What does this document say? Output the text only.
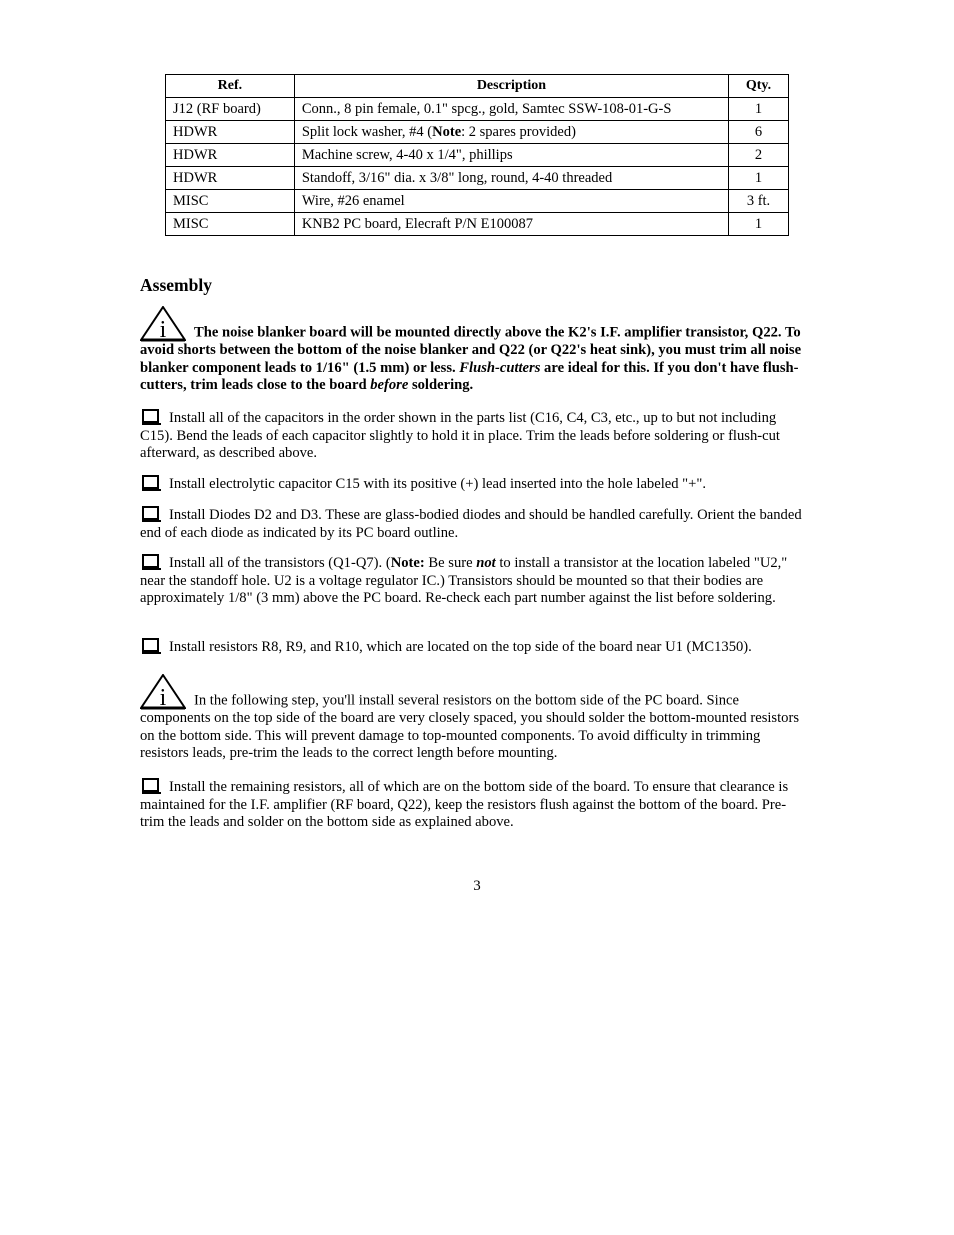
Ref.	Description	Qty.
J12 (RF board)	Conn., 8 pin female, 0.1" spcg., gold, Samtec SSW-108-01-G-S	1
HDWR	Split lock washer, #4 (Note: 2 spares provided)	6
HDWR	Machine screw, 4-40 x 1/4", phillips	2
HDWR	Standoff, 3/16" dia. x 3/8" long, round, 4-40 threaded	1
MISC	Wire, #26 enamel	3 ft.
MISC	KNB2 PC board, Elecraft P/N E100087	1
Assembly
i The noise blanker board will be mounted directly above the K2's I.F. amplifier transistor, Q22. To avoid shorts between the bottom of the noise blanker and Q22 (or Q22's heat sink), you must trim all noise blanker component leads to 1/16" (1.5 mm) or less. Flush-cutters are ideal for this. If you don't have flush-cutters, trim leads close to the board before soldering.
Install all of the capacitors in the order shown in the parts list (C16, C4, C3, etc., up to but not including C15). Bend the leads of each capacitor slightly to hold it in place. Trim the leads before soldering or flush-cut afterward, as described above.
Install electrolytic capacitor C15 with its positive (+) lead inserted into the hole labeled "+".
Install Diodes D2 and D3. These are glass-bodied diodes and should be handled carefully. Orient the banded end of each diode as indicated by its PC board outline.
Install all of the transistors (Q1-Q7). (Note: Be sure not to install a transistor at the location labeled "U2," near the standoff hole. U2 is a voltage regulator IC.) Transistors should be mounted so that their bodies are approximately 1/8" (3 mm) above the PC board. Re-check each part number against the list before soldering.
Install resistors R8, R9, and R10, which are located on the top side of the board near U1 (MC1350).
i In the following step, you'll install several resistors on the bottom side of the PC board. Since components on the top side of the board are very closely spaced, you should solder the bottom-mounted resistors on the bottom side. This will prevent damage to top-mounted components. To avoid difficulty in trimming resistors leads, pre-trim the leads to the correct length before mounting.
Install the remaining resistors, all of which are on the bottom side of the board. To ensure that clearance is maintained for the I.F. amplifier (RF board, Q22), keep the resistors flush against the bottom of the board. Pre-trim the leads and solder on the bottom side as explained above.
3
